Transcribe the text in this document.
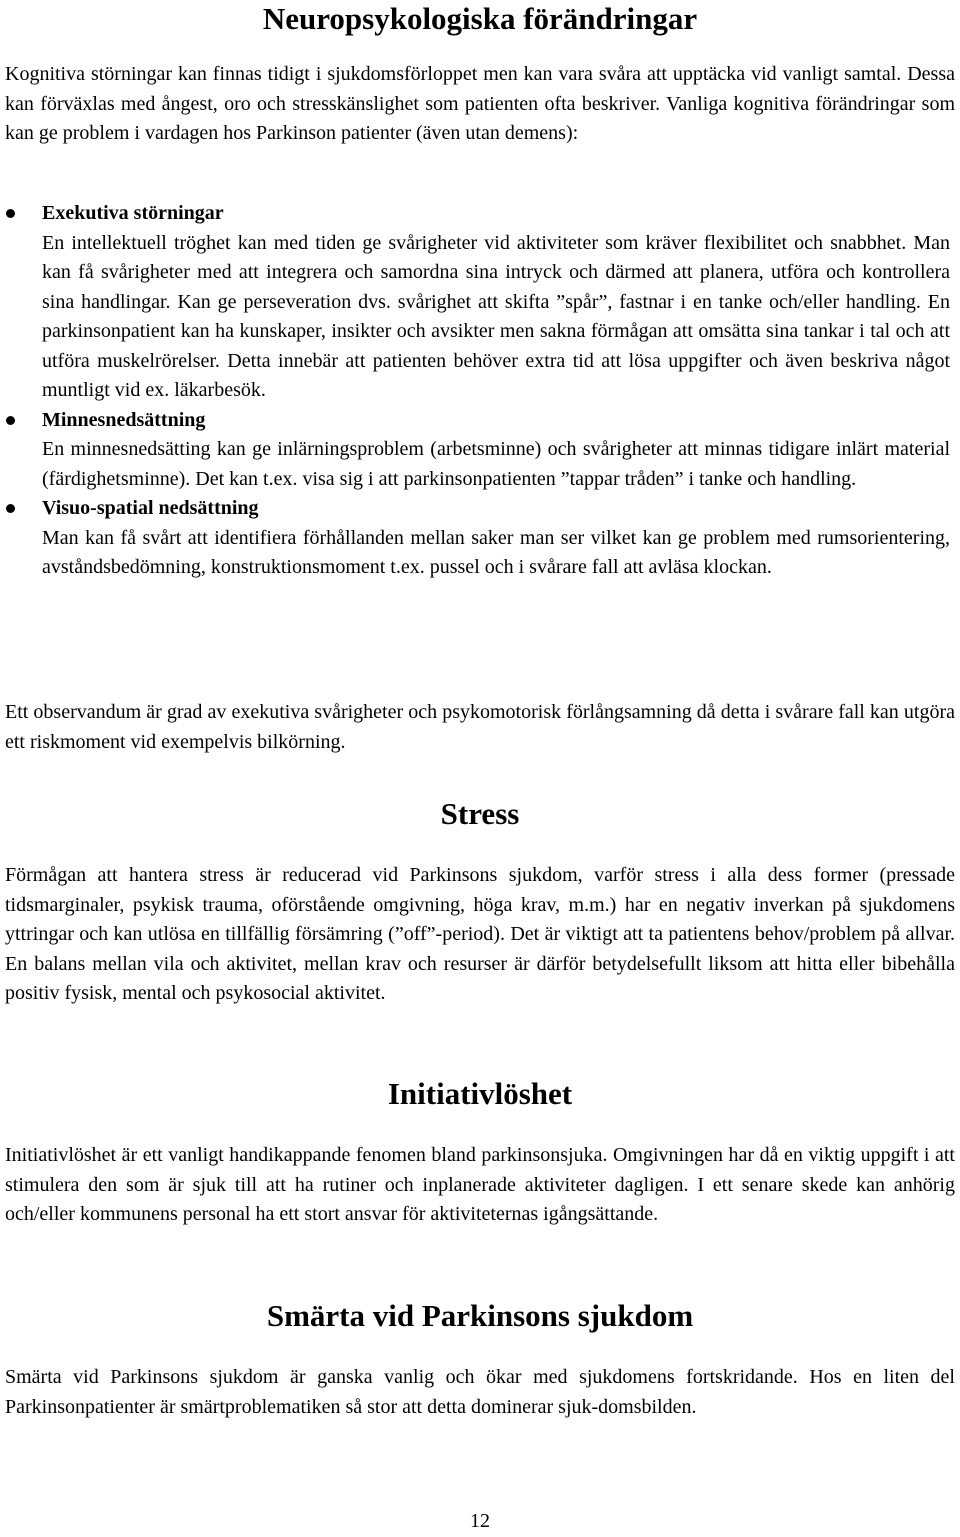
Neuropsykologiska förändringar

Kognitiva störningar kan finnas tidigt i sjukdomsförloppet men kan vara svåra att upptäcka vid vanligt samtal. Dessa kan förväxlas med ångest, oro och stresskänslighet som patienten ofta beskriver. Vanliga kognitiva förändringar som kan ge problem i vardagen hos Parkinson patienter (även utan demens):

Exekutiva störningar
En intellektuell tröghet kan med tiden ge svårigheter vid aktiviteter som kräver flexibilitet och snabbhet. Man kan få svårigheter med att integrera och samordna sina intryck och därmed att planera, utföra och kontrollera sina handlingar. Kan ge perseveration dvs. svårighet att skifta ”spår”, fastnar i en tanke och/eller handling. En parkinsonpatient kan ha kunskaper, insikter och avsikter men sakna förmågan att omsätta sina tankar i tal och att utföra muskelrörelser. Detta innebär att patienten behöver extra tid att lösa uppgifter och även beskriva något muntligt vid ex. läkarbesök.
Minnesnedsättning
En minnesnedsätting kan ge inlärningsproblem (arbetsminne) och svårigheter att minnas tidigare inlärt material (färdighetsminne). Det kan t.ex. visa sig i att parkinsonpatienten ”tappar tråden” i tanke och handling.
Visuo-spatial nedsättning
Man kan få svårt att identifiera förhållanden mellan saker man ser vilket kan ge problem med rumsorientering, avståndsbedömning, konstruktionsmoment t.ex. pussel och i svårare fall att avläsa klockan.

Ett observandum är grad av exekutiva svårigheter och psykomotorisk förlångsamning då detta i svårare fall kan utgöra ett riskmoment vid exempelvis bilkörning.

Stress

Förmågan att hantera stress är reducerad vid Parkinsons sjukdom, varför stress i alla dess former (pressade tidsmarginaler, psykisk trauma, oförstående omgivning, höga krav, m.m.) har en negativ inverkan på sjukdomens yttringar och kan utlösa en tillfällig försämring (”off”-period). Det är viktigt att ta patientens behov/problem på allvar. En balans mellan vila och aktivitet, mellan krav och resurser är därför betydelsefullt liksom att hitta eller bibehålla positiv fysisk, mental och psykosocial aktivitet.

Initiativlöshet

Initiativlöshet är ett vanligt handikappande fenomen bland parkinsonsjuka. Omgivningen har då en viktig uppgift i att stimulera den som är sjuk till att ha rutiner och inplanerade aktiviteter dagligen. I ett senare skede kan anhörig och/eller kommunens personal ha ett stort ansvar för aktiviteternas igångsättande.

Smärta vid Parkinsons sjukdom

Smärta vid Parkinsons sjukdom är ganska vanlig och ökar med sjukdomens fortskridande. Hos en liten del Parkinsonpatienter är smärtproblematiken så stor att detta dominerar sjuk-domsbilden.

12
